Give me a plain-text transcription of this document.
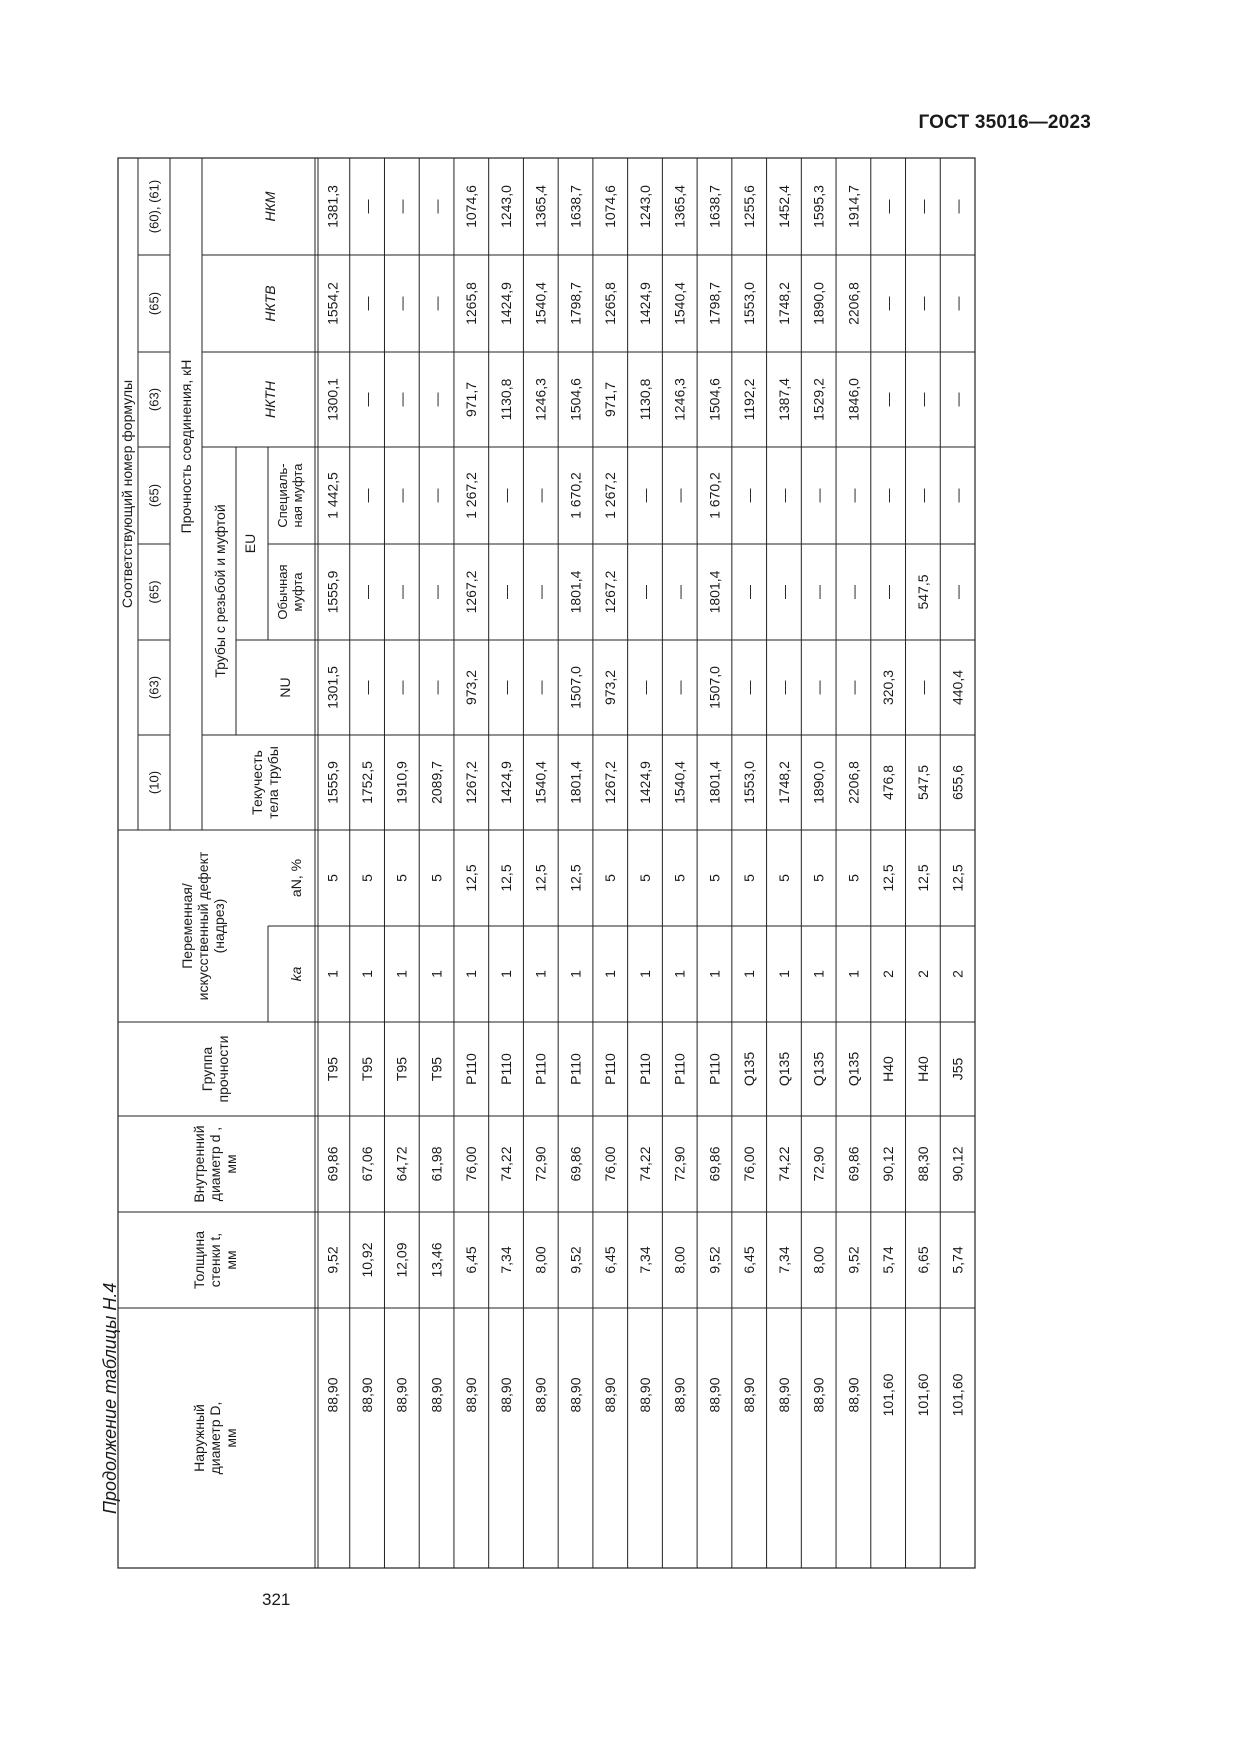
ГОСТ 35016—2023
Продолжение таблицы Н.4
321
Соответствующий номер формулы
(10)
(63)
(65)
(65)
(63)
(65)
(60), (61)
Прочность соединения, кН
Трубы с резьбой и муфтой EU
NU
Обычная муфта
Специаль- ная муфта
НКТН
НКТВ
НКМ
Текучесть тела трубы
Переменная/ искусственный дефект (надрез)
ka
aN, %
Группа прочности
Внутренний диаметр d , мм
Толщина стенки t, мм
Наружный диаметр D, мм
88,90
9,52
69,86
T95
1
5
1555,9
1301,5
1555,9
1 442,5
1300,1
1554,2
1381,3
88,90
10,92
67,06
T95
1
5
1752,5
—
—
—
—
—
—
88,90
12,09
64,72
T95
1
5
1910,9
—
—
—
—
—
—
88,90
13,46
61,98
T95
1
5
2089,7
—
—
—
—
—
—
88,90
6,45
76,00
P110
1
12,5
1267,2
973,2
1267,2
1 267,2
971,7
1265,8
1074,6
88,90
7,34
74,22
P110
1
12,5
1424,9
—
—
—
1130,8
1424,9
1243,0
88,90
8,00
72,90
P110
1
12,5
1540,4
—
—
—
1246,3
1540,4
1365,4
88,90
9,52
69,86
P110
1
12,5
1801,4
1507,0
1801,4
1 670,2
1504,6
1798,7
1638,7
88,90
6,45
76,00
P110
1
5
1267,2
973,2
1267,2
1 267,2
971,7
1265,8
1074,6
88,90
7,34
74,22
P110
1
5
1424,9
—
—
—
1130,8
1424,9
1243,0
88,90
8,00
72,90
P110
1
5
1540,4
—
—
—
1246,3
1540,4
1365,4
88,90
9,52
69,86
P110
1
5
1801,4
1507,0
1801,4
1 670,2
1504,6
1798,7
1638,7
88,90
6,45
76,00
Q135
1
5
1553,0
—
—
—
1192,2
1553,0
1255,6
88,90
7,34
74,22
Q135
1
5
1748,2
—
—
—
1387,4
1748,2
1452,4
88,90
8,00
72,90
Q135
1
5
1890,0
—
—
—
1529,2
1890,0
1595,3
88,90
9,52
69,86
Q135
1
5
2206,8
—
—
—
1846,0
2206,8
1914,7
101,60
5,74
90,12
H40
2
12,5
476,8
320,3
—
—
—
—
—
101,60
6,65
88,30
H40
2
12,5
547,5
—
547,5
—
—
—
—
101,60
5,74
90,12
J55
2
12,5
655,6
440,4
—
—
—
—
—
